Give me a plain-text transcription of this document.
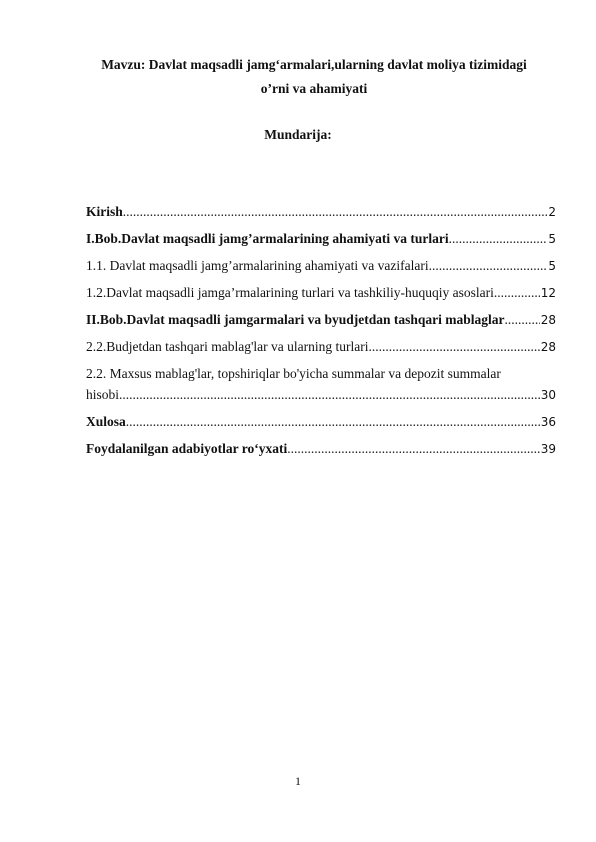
Mavzu: Davlat maqsadli jamg‘armalari,ularning davlat moliya tizimidagi
o’rni va ahamiyati
Mundarija:
Kirish .....	2
I.Bob.Davlat maqsadli jamg’armalarining ahamiyati va turlari .....	5
1.1. Davlat maqsadli jamg’armalarining ahamiyati va vazifalari .....	5
1.2.Davlat maqsadli jamga’rmalarining turlari va tashkiliy-huquqiy asoslari .....	12
II.Bob.Davlat maqsadli jamgarmalari va byudjetdan tashqari mablaglar .....	28
2.2.Budjetdan tashqari mablag'lar va ularning turlari .....	28
2.2. Maxsus mablag'lar, topshiriqlar bo'yicha summalar va depozit summalar
hisobi .....	30
Xulosa .....	36
Foydalanilgan adabiyotlar ro‘yxati .....	39
1
